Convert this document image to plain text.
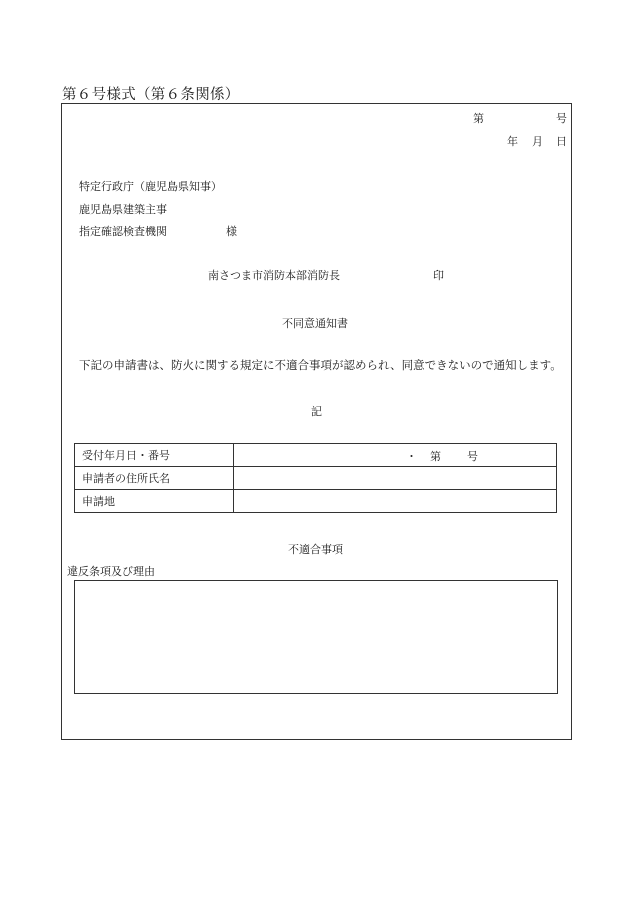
第６号様式（第６条関係）
第	号
年 月 日
特定行政庁（鹿児島県知事）
鹿児島県建築主事
指定確認検査機関	様
南さつま市消防本部消防長	印
不同意通知書
下記の申請書は、防火に関する規定に不適合事項が認められ、同意できないので通知します。
記
受付年月日・番号	・ 第 号

申請者の住所氏名	
申請地	
不適合事項
違反条項及び理由
